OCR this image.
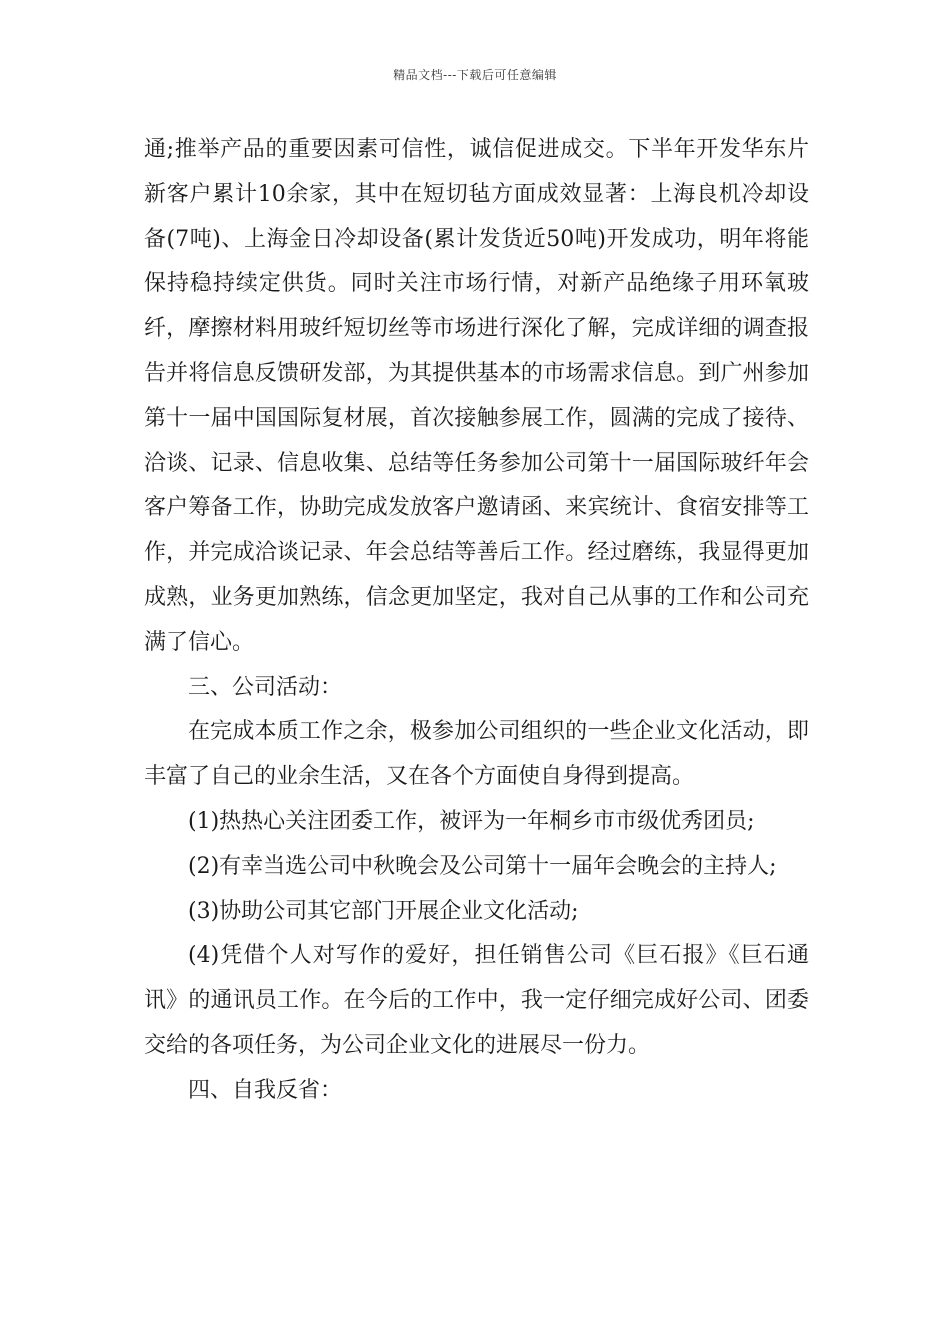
精品文档---下载后可任意编辑

通;推举产品的重要因素可信性，诚信促进成交。下半年开发华东片新客户累计10余家，其中在短切毡方面成效显著：上海良机冷却设备(7吨)、上海金日冷却设备(累计发货近50吨)开发成功，明年将能保持稳持续定供货。同时关注市场行情，对新产品绝缘子用环氧玻纤，摩擦材料用玻纤短切丝等市场进行深化了解，完成详细的调查报告并将信息反馈研发部，为其提供基本的市场需求信息。到广州参加第十一届中国国际复材展，首次接触参展工作，圆满的完成了接待、洽谈、记录、信息收集、总结等任务参加公司第十一届国际玻纤年会客户筹备工作，协助完成发放客户邀请函、来宾统计、食宿安排等工作，并完成洽谈记录、年会总结等善后工作。经过磨练，我显得更加成熟，业务更加熟练，信念更加坚定，我对自己从事的工作和公司充满了信心。

三、公司活动：

在完成本质工作之余，极参加公司组织的一些企业文化活动，即丰富了自己的业余生活，又在各个方面使自身得到提高。

(1)热热心关注团委工作，被评为一年桐乡市市级优秀团员;

(2)有幸当选公司中秋晚会及公司第十一届年会晚会的主持人;

(3)协助公司其它部门开展企业文化活动;

(4)凭借个人对写作的爱好，担任销售公司《巨石报》《巨石通讯》的通讯员工作。在今后的工作中，我一定仔细完成好公司、团委交给的各项任务，为公司企业文化的进展尽一份力。

四、自我反省：
